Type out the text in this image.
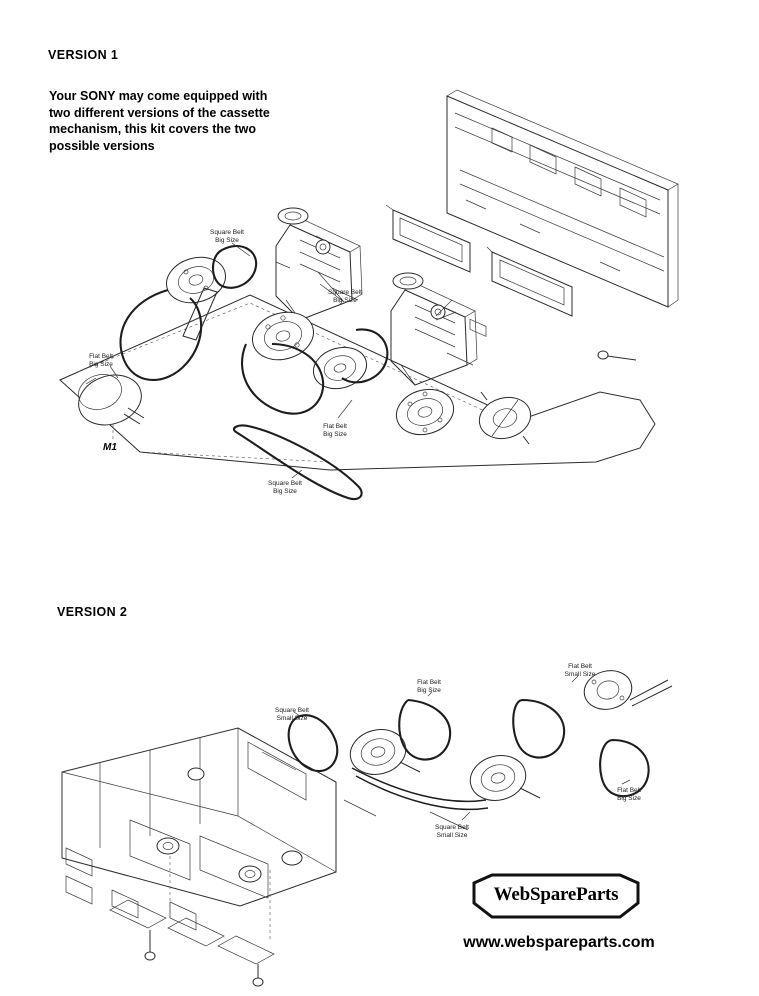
VERSION 1
Your SONY may come equipped with two different versions of the cassette mechanism, this kit covers the two possible versions
VERSION 2
Square Belt
Big Size
Square Belt
Big Size
Flat Belt
Big Size
Flat Belt
Big Size
Square Belt
Big Size
M1
Square Belt
Small Size
Flat Belt
Big Size
Flat Belt
Small Size
Flat Belt
Big Size
Square Belt
Small Size
WebSpareParts
www.webspareparts.com
